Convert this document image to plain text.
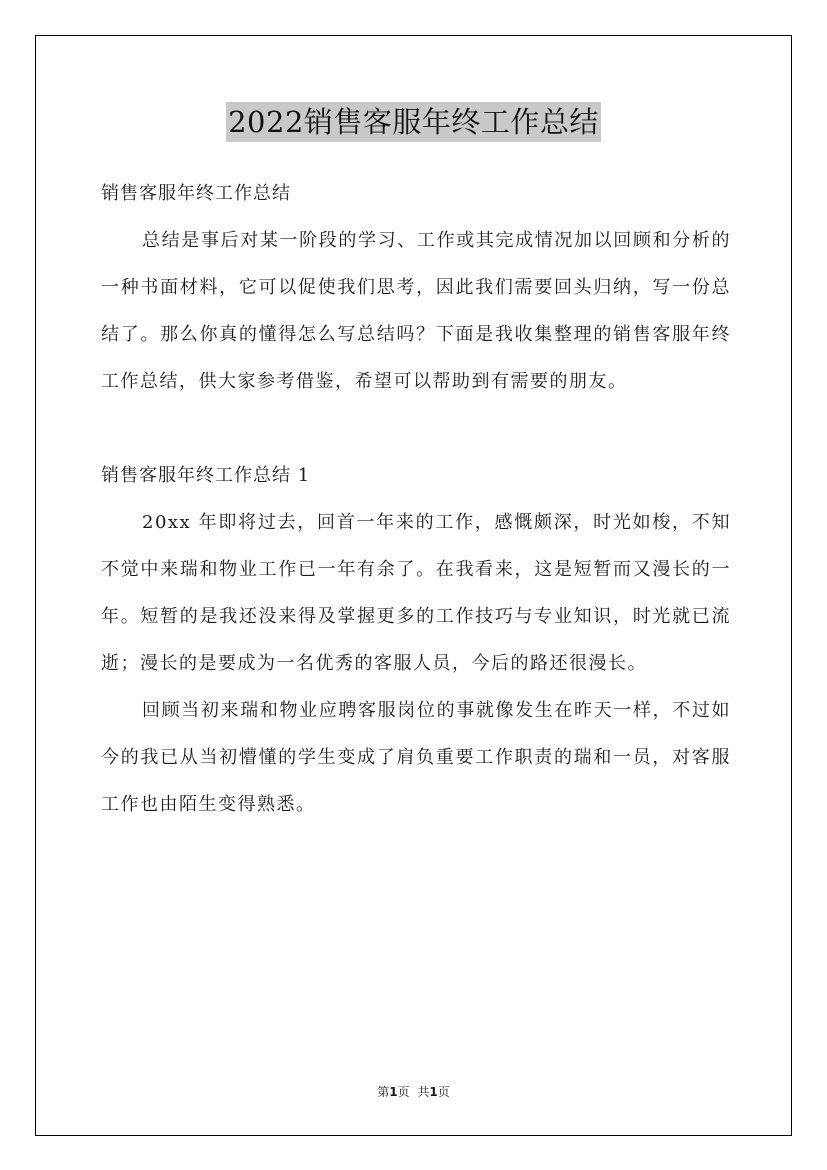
2022销售客服年终工作总结

销售客服年终工作总结

总结是事后对某一阶段的学习、工作或其完成情况加以回顾和分析的一种书面材料，它可以促使我们思考，因此我们需要回头归纳，写一份总结了。那么你真的懂得怎么写总结吗？下面是我收集整理的销售客服年终工作总结，供大家参考借鉴，希望可以帮助到有需要的朋友。

销售客服年终工作总结 1

20xx 年即将过去，回首一年来的工作，感慨颇深，时光如梭，不知不觉中来瑞和物业工作已一年有余了。在我看来，这是短暂而又漫长的一年。短暂的是我还没来得及掌握更多的工作技巧与专业知识，时光就已流逝；漫长的是要成为一名优秀的客服人员，今后的路还很漫长。

回顾当初来瑞和物业应聘客服岗位的事就像发生在昨天一样，不过如今的我已从当初懵懂的学生变成了肩负重要工作职责的瑞和一员，对客服工作也由陌生变得熟悉。

第1页 共1页
